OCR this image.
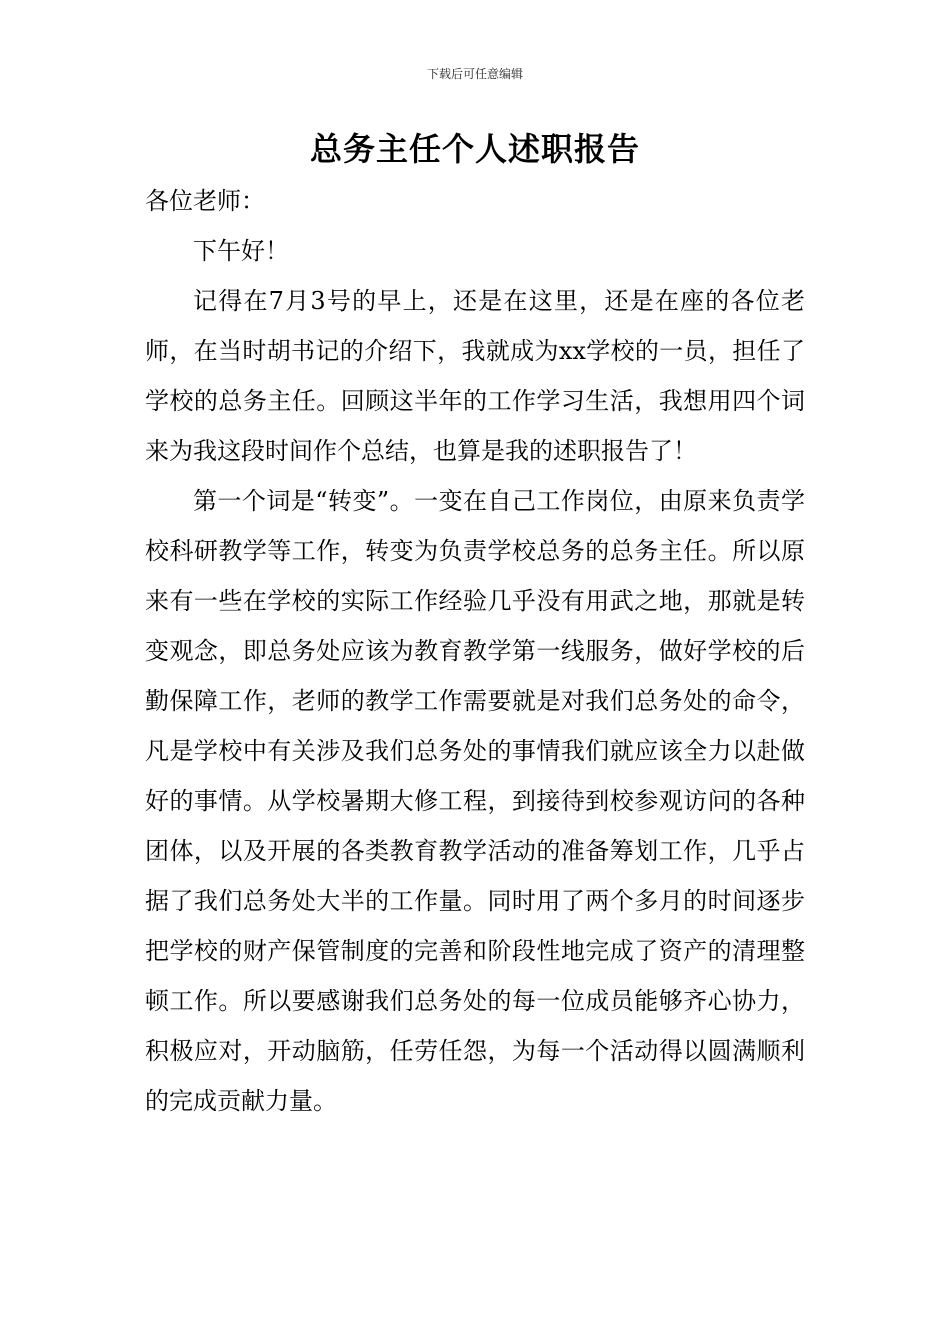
下载后可任意编辑
总务主任个人述职报告

各位老师：

下午好！

记得在7月3号的早上，还是在这里，还是在座的各位老师，在当时胡书记的介绍下，我就成为xx学校的一员，担任了学校的总务主任。回顾这半年的工作学习生活，我想用四个词来为我这段时间作个总结，也算是我的述职报告了！

第一个词是“转变”。一变在自己工作岗位，由原来负责学校科研教学等工作，转变为负责学校总务的总务主任。所以原来有一些在学校的实际工作经验几乎没有用武之地，那就是转变观念，即总务处应该为教育教学第一线服务，做好学校的后勤保障工作，老师的教学工作需要就是对我们总务处的命令，凡是学校中有关涉及我们总务处的事情我们就应该全力以赴做好的事情。从学校暑期大修工程，到接待到校参观访问的各种团体，以及开展的各类教育教学活动的准备筹划工作，几乎占据了我们总务处大半的工作量。同时用了两个多月的时间逐步把学校的财产保管制度的完善和阶段性地完成了资产的清理整顿工作。所以要感谢我们总务处的每一位成员能够齐心协力，积极应对，开动脑筋，任劳任怨，为每一个活动得以圆满顺利的完成贡献力量。
